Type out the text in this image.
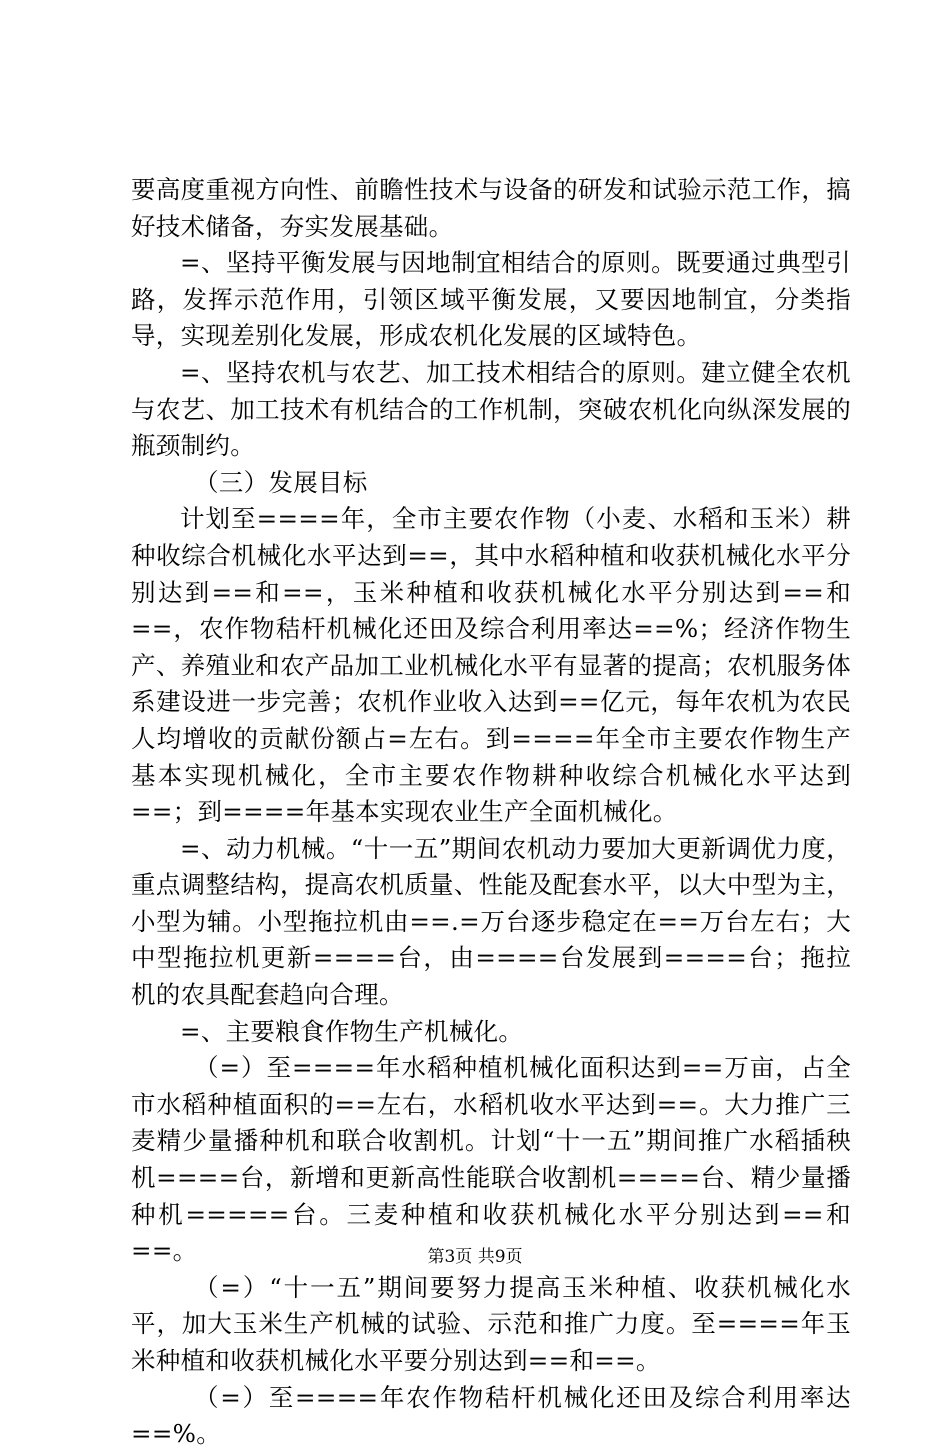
要高度重视方向性、前瞻性技术与设备的研发和试验示范工作，搞好技术储备，夯实发展基础。

=、坚持平衡发展与因地制宜相结合的原则。既要通过典型引路，发挥示范作用，引领区域平衡发展，又要因地制宜，分类指导，实现差别化发展，形成农机化发展的区域特色。

=、坚持农机与农艺、加工技术相结合的原则。建立健全农机与农艺、加工技术有机结合的工作机制，突破农机化向纵深发展的瓶颈制约。

（三）发展目标

计划至====年，全市主要农作物（小麦、水稻和玉米）耕种收综合机械化水平达到==，其中水稻种植和收获机械化水平分别达到==和==，玉米种植和收获机械化水平分别达到==和==，农作物秸杆机械化还田及综合利用率达==%；经济作物生产、养殖业和农产品加工业机械化水平有显著的提高；农机服务体系建设进一步完善；农机作业收入达到==亿元，每年农机为农民人均增收的贡献份额占=左右。到====年全市主要农作物生产基本实现机械化，全市主要农作物耕种收综合机械化水平达到==；到====年基本实现农业生产全面机械化。

=、动力机械。“十一五”期间农机动力要加大更新调优力度，重点调整结构，提高农机质量、性能及配套水平，以大中型为主，小型为辅。小型拖拉机由==.=万台逐步稳定在==万台左右；大中型拖拉机更新====台，由====台发展到====台；拖拉机的农具配套趋向合理。

=、主要粮食作物生产机械化。

（=）至====年水稻种植机械化面积达到==万亩，占全市水稻种植面积的==左右，水稻机收水平达到==。大力推广三麦精少量播种机和联合收割机。计划“十一五”期间推广水稻插秧机====台，新增和更新高性能联合收割机====台、精少量播种机=====台。三麦种植和收获机械化水平分别达到==和==。

（=）“十一五”期间要努力提高玉米种植、收获机械化水平，加大玉米生产机械的试验、示范和推广力度。至====年玉米种植和收获机械化水平要分别达到==和==。

（=）至====年农作物秸杆机械化还田及综合利用率达==%。

第3页 共9页
